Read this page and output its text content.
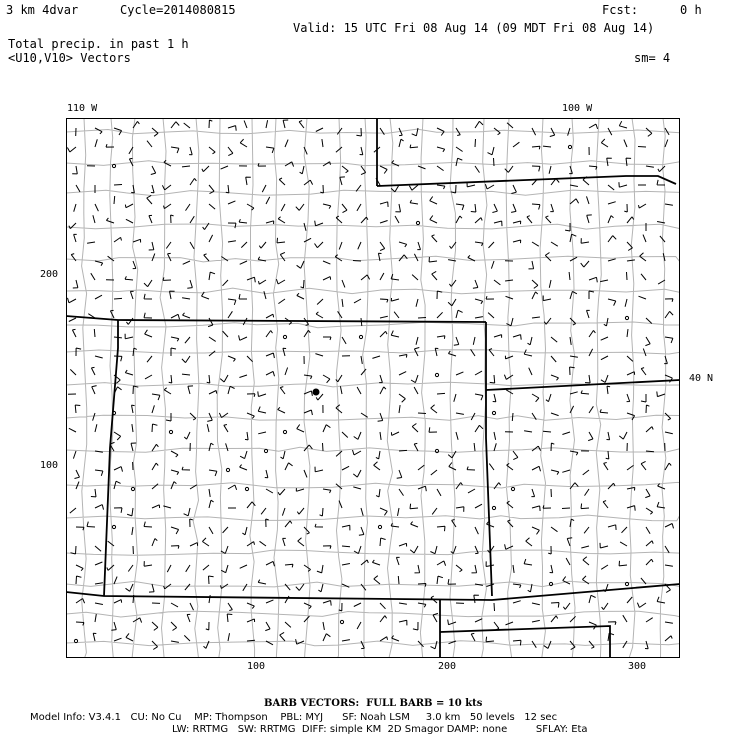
3 km 4dvar	Cycle=2014080815	Fcst:	0 h
Valid: 15 UTC Fri 08 Aug 14 (09 MDT Fri 08 Aug 14)
Total precip. in past 1 h
<U10,V10> Vectors	sm= 4
110 W	100 W
40 N
200
100
100	200	300
BARB VECTORS:  FULL BARB = 10 kts
Model Info: V3.4.1   CU: No Cu    MP: Thompson    PBL: MYJ      SF: Noah LSM     3.0 km   50 levels   12 sec
LW: RRTMG   SW: RRTMG  DIFF: simple KM  2D Smagor DAMP: none         SFLAY: Eta
